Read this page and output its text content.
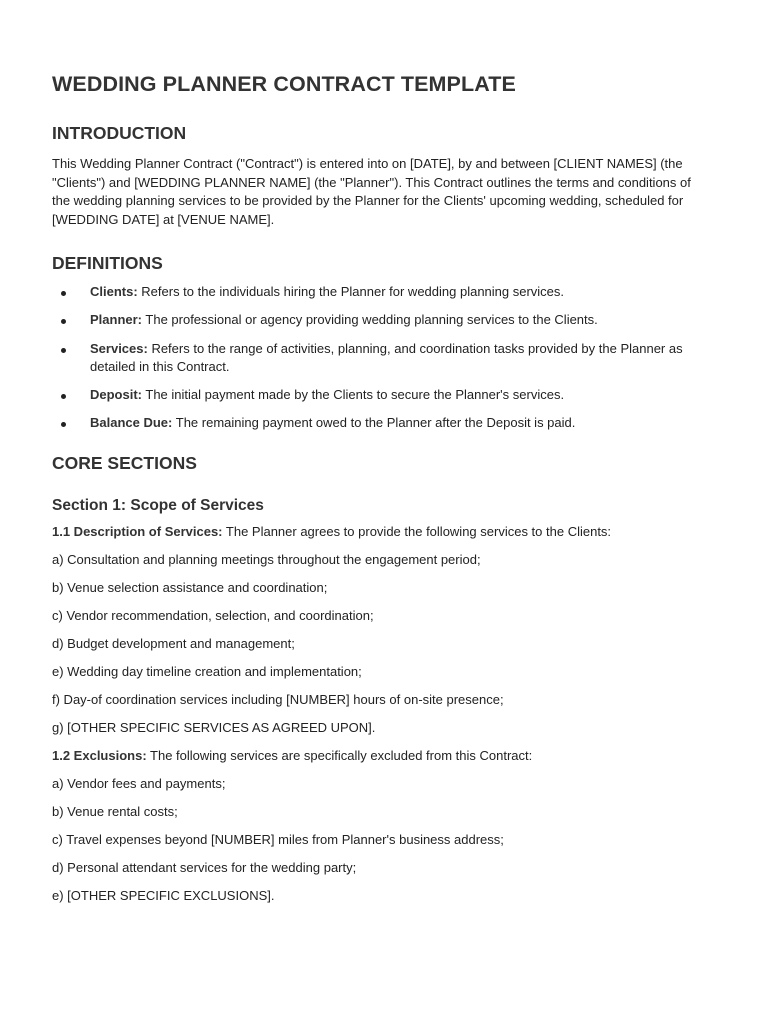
WEDDING PLANNER CONTRACT TEMPLATE
INTRODUCTION

This Wedding Planner Contract ("Contract") is entered into on [DATE], by and between [CLIENT NAMES] (the "Clients") and [WEDDING PLANNER NAME] (the "Planner"). This Contract outlines the terms and conditions of the wedding planning services to be provided by the Planner for the Clients' upcoming wedding, scheduled for [WEDDING DATE] at [VENUE NAME].

DEFINITIONS
Clients: Refers to the individuals hiring the Planner for wedding planning services.
Planner: The professional or agency providing wedding planning services to the Clients.
Services: Refers to the range of activities, planning, and coordination tasks provided by the Planner as detailed in this Contract.
Deposit: The initial payment made by the Clients to secure the Planner's services.
Balance Due: The remaining payment owed to the Planner after the Deposit is paid.
CORE SECTIONS
Section 1: Scope of Services

1.1 Description of Services: The Planner agrees to provide the following services to the Clients:

a) Consultation and planning meetings throughout the engagement period;

b) Venue selection assistance and coordination;

c) Vendor recommendation, selection, and coordination;

d) Budget development and management;

e) Wedding day timeline creation and implementation;

f) Day-of coordination services including [NUMBER] hours of on-site presence;

g) [OTHER SPECIFIC SERVICES AS AGREED UPON].

1.2 Exclusions: The following services are specifically excluded from this Contract:

a) Vendor fees and payments;

b) Venue rental costs;

c) Travel expenses beyond [NUMBER] miles from Planner's business address;

d) Personal attendant services for the wedding party;

e) [OTHER SPECIFIC EXCLUSIONS].
